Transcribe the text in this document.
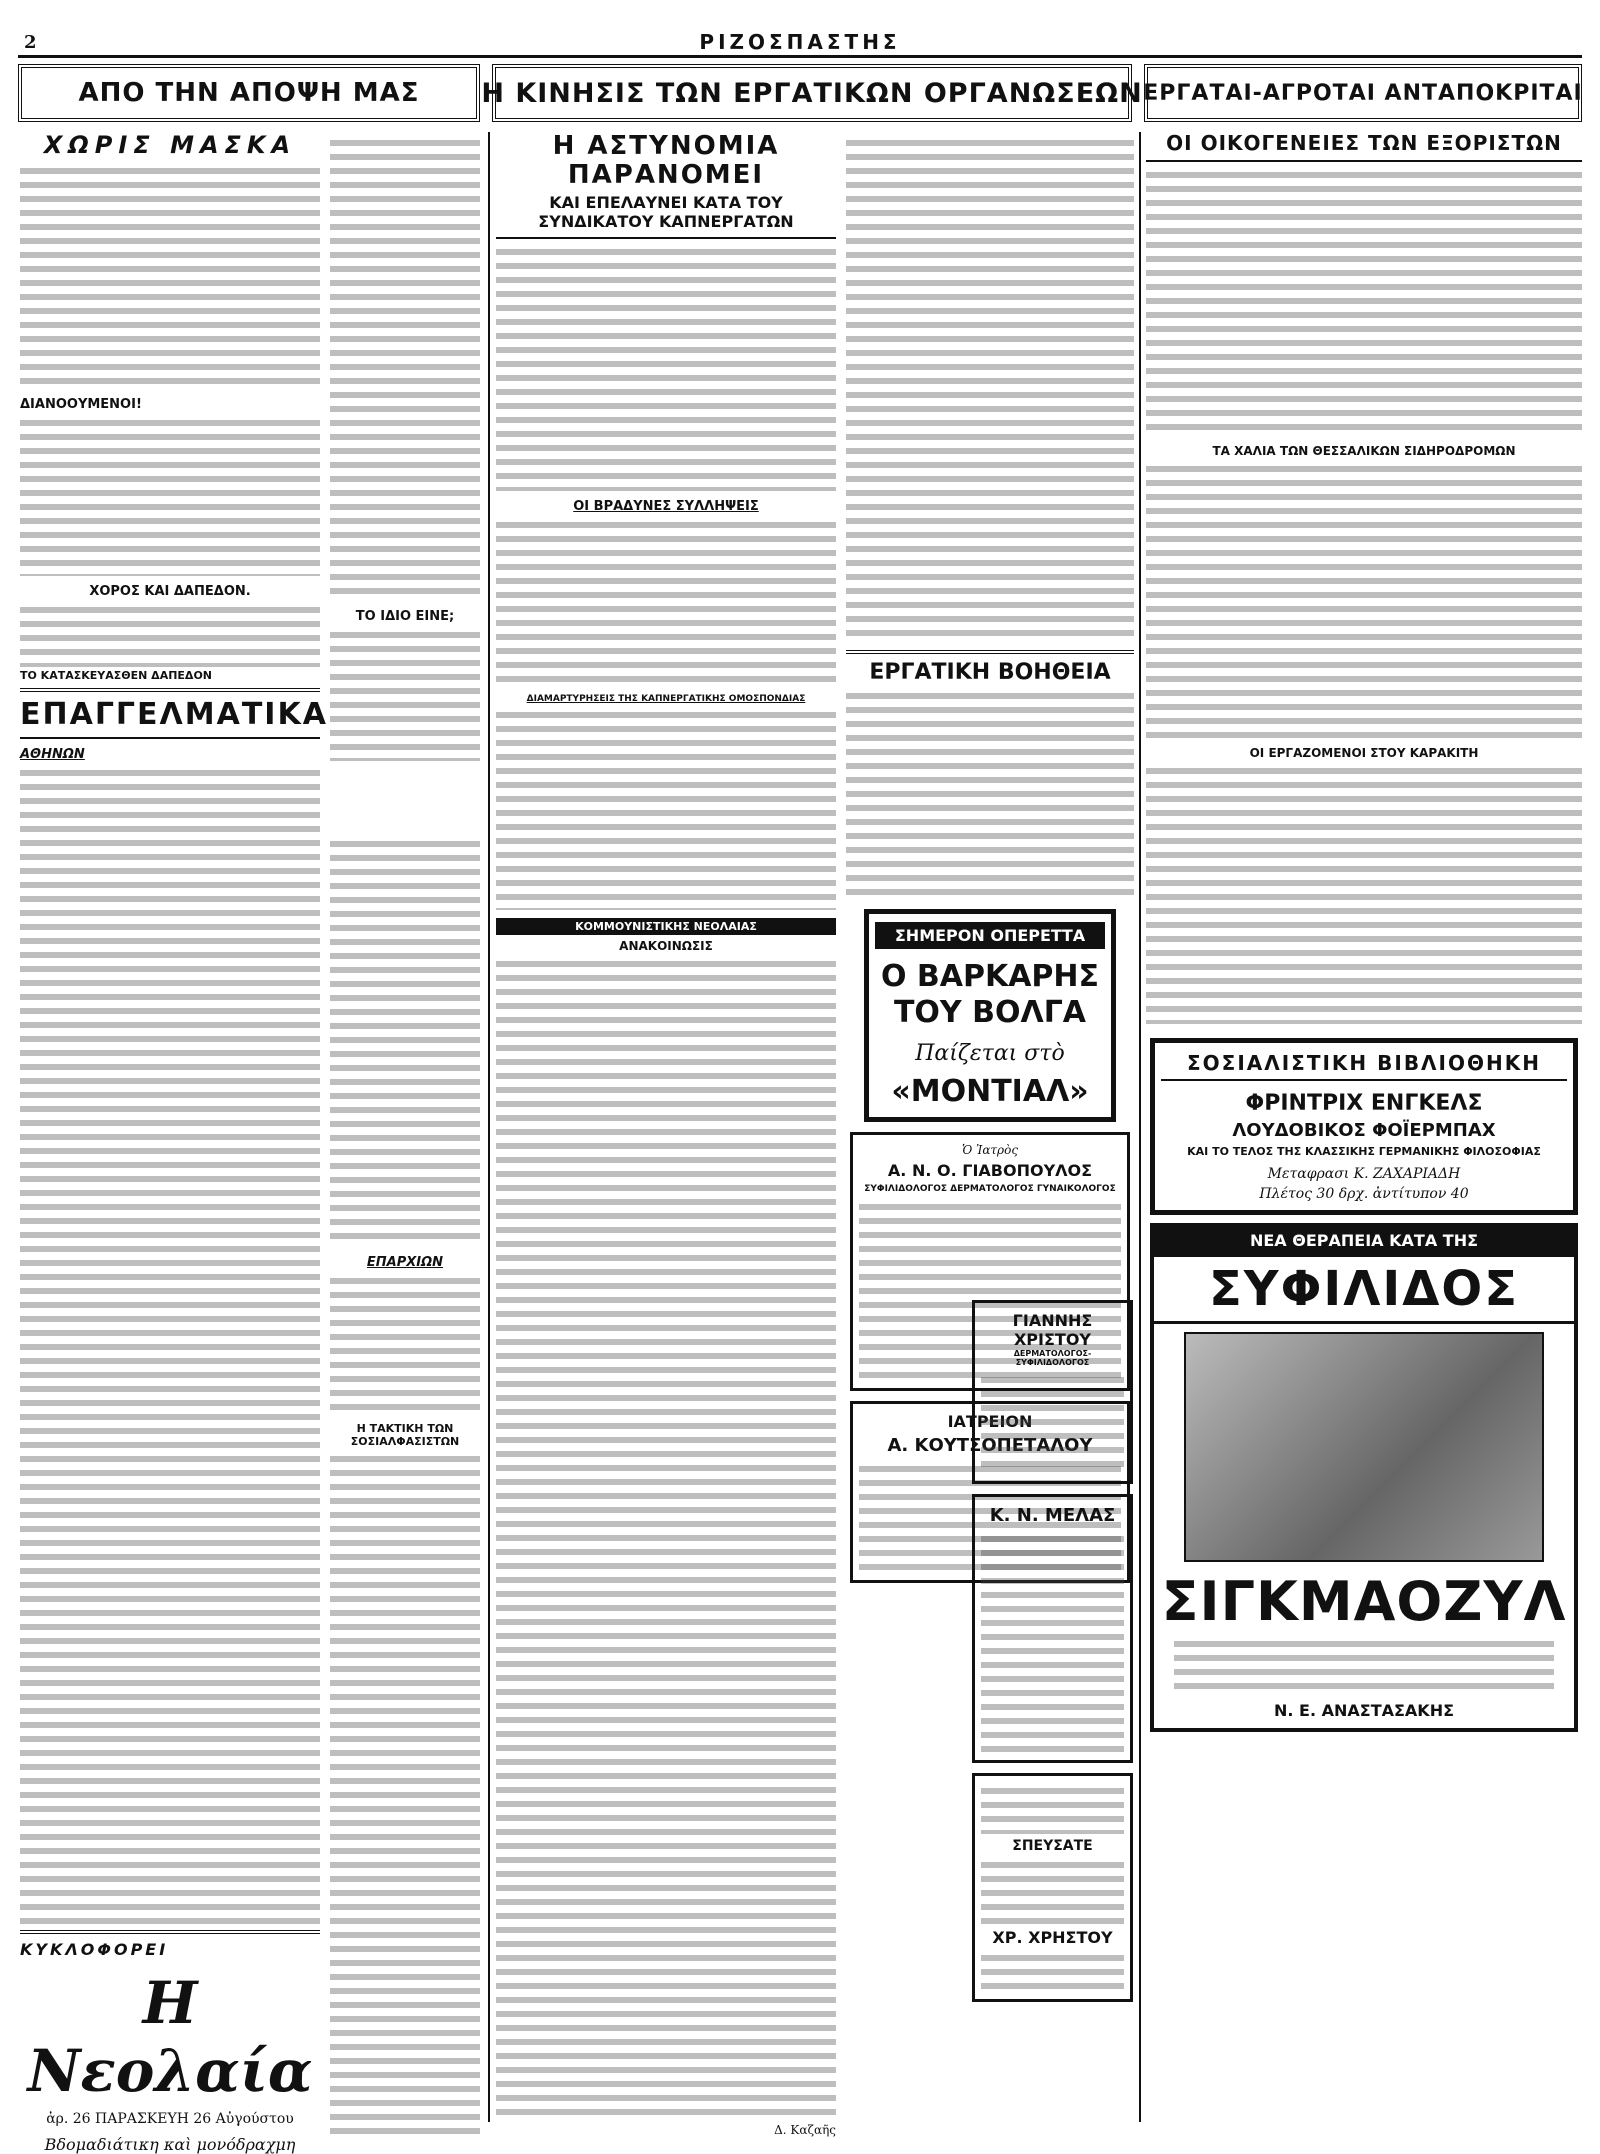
2	ΡΙΖΟΣΠΑΣΤΗΣ
ΑΠΟ ΤΗΝ ΑΠΟΨΗ ΜΑΣ	Η ΚΙΝΗΣΙΣ ΤΩΝ ΕΡΓΑΤΙΚΩΝ ΟΡΓΑΝΩΣΕΩΝ ΕΡΓΑΤΑΙ-ΑΓΡΟΤΑΙ ΑΝΤΑΠΟΚΡΙΤΑΙ
ΧΩΡΙΣ ΜΑΣΚΑ
ΔΙΑΝΟΟΥΜΕΝΟΙ!
ΧΟΡΟΣ ΚΑΙ ΔΑΠΕΔΟΝ.
ΤΟ ΚΑΤΑΣΚΕΥΑΣΘΕΝ ΔΑΠΕΔΟΝ
ΕΠΑΓΓΕΛΜΑΤΙΚΑ
ΑΘΗΝΩΝ
ΚΥΚΛΟΦΟΡΕΙ
Η Νεολαία
ἀρ. 26 ΠΑΡΑΣΚΕΥΗ 26 Αὐγούστου
Βδομαδιάτικη καὶ μονόδραχμη
ΤΟ ΙΔΙΟ ΕΙΝΕ;
ΕΠΑΡΧΙΩΝ
Η ΤΑΚΤΙΚΗ ΤΩΝ ΣΟΣΙΑΛΦΑΣΙΣΤΩΝ
Η ΑΣΤΥΝΟΜΙΑ ΠΑΡΑΝΟΜΕΙ
ΚΑΙ ΕΠΕΛΑΥΝΕΙ ΚΑΤΑ ΤΟΥ ΣΥΝΔΙΚΑΤΟΥ ΚΑΠΝΕΡΓΑΤΩΝ
ΟΙ ΒΡΑΔΥΝΕΣ ΣΥΛΛΗΨΕΙΣ
ΔΙΑΜΑΡΤΥΡΗΣΕΙΣ ΤΗΣ ΚΑΠΝΕΡΓΑΤΙΚΗΣ ΟΜΟΣΠΟΝΔΙΑΣ
ΚΟΜΜΟΥΝΙΣΤΙΚΗΣ ΝΕΟΛΑΙΑΣ
ΑΝΑΚΟΙΝΩΣΙΣ
Δ. Καζαῆς
ΕΡΓΑΤΙΚΗ ΒΟΗΘΕΙΑ
ΣΗΜΕΡΟΝ ΟΠΕΡΕΤΤΑ
Ο ΒΑΡΚΑΡΗΣ ΤΟΥ ΒΟΛΓΑ
Παίζεται στὸ
«ΜΟΝΤΙΑΛ»
Ὁ Ἰατρὸς
Α. Ν. Ο. ΓΙΑΒΟΠΟΥΛΟΣ
ΣΥΦΙΛΙΔΟΛΟΓΟΣ ΔΕΡΜΑΤΟΛΟΓΟΣ ΓΥΝΑΙΚΟΛΟΓΟΣ
ΙΑΤΡΕΙΟΝ
Α. ΚΟΥΤΣΟΠΕΤΑΛΟΥ
ΓΙΑΝΝΗΣ ΧΡΙΣΤΟΥ
ΔΕΡΜΑΤΟΛΟΓΟΣ-ΣΥΦΙΛΙΔΟΛΟΓΟΣ
Κ. Ν. ΜΕΛΑΣ
ΣΠΕΥΣΑΤΕ
ΧΡ. ΧΡΗΣΤΟΥ
ΟΙ ΟΙΚΟΓΕΝΕΙΕΣ ΤΩΝ ΕΞΟΡΙΣΤΩΝ
ΤΑ ΧΑΛΙΑ ΤΩΝ ΘΕΣΣΑΛΙΚΩΝ ΣΙΔΗΡΟΔΡΟΜΩΝ
ΟΙ ΕΡΓΑΖΟΜΕΝΟΙ ΣΤΟΥ ΚΑΡΑΚΙΤΗ
ΣΟΣΙΑΛΙΣΤΙΚΗ ΒΙΒΛΙΟΘΗΚΗ
ΦΡΙΝΤΡΙΧ ΕΝΓΚΕΛΣ
ΛΟΥΔΟΒΙΚΟΣ ΦΟΪΕΡΜΠΑΧ
ΚΑΙ ΤΟ ΤΕΛΟΣ ΤΗΣ ΚΛΑΣΣΙΚΗΣ ΓΕΡΜΑΝΙΚΗΣ ΦΙΛΟΣΟΦΙΑΣ
Μεταφρασι Κ. ΖΑΧΑΡΙΑΔΗ
Πλέτος 30 δρχ. ἀντίτυπον 40
ΝΕΑ ΘΕΡΑΠΕΙΑ ΚΑΤΑ ΤΗΣ
ΣΥΦΙΛΙΔΟΣ
ΣΙΓΚΜΑΟΖΥΛ
Ν. Ε. ΑΝΑΣΤΑΣΑΚΗΣ
